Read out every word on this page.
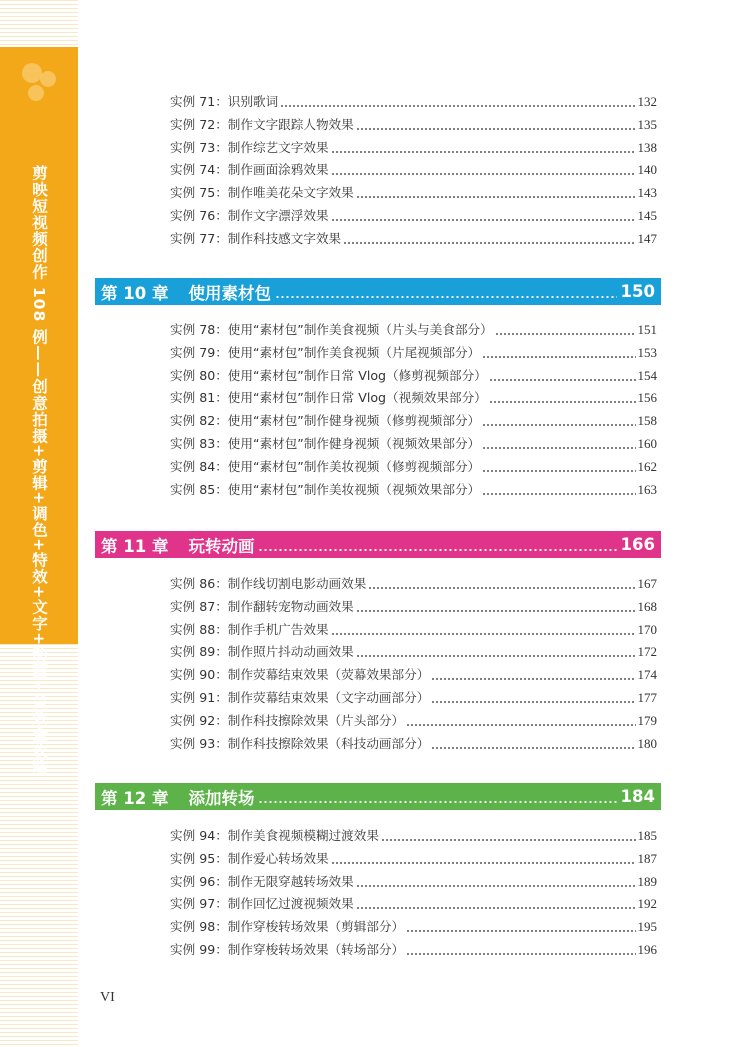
剪映短视频创作 108 例——创意拍摄+剪辑+调色+特效+文字+动画+音效全攻略
实例 71：识别歌词	132
实例 72：制作文字跟踪人物效果	135
实例 73：制作综艺文字效果	138
实例 74：制作画面涂鸦效果	140
实例 75：制作唯美花朵文字效果	143
实例 76：制作文字漂浮效果	145
实例 77：制作科技感文字效果	147
第 10 章 使用素材包	150
实例 78：使用“素材包”制作美食视频（片头与美食部分）	151
实例 79：使用“素材包”制作美食视频（片尾视频部分）	153
实例 80：使用“素材包”制作日常 Vlog（修剪视频部分）	154
实例 81：使用“素材包”制作日常 Vlog（视频效果部分）	156
实例 82：使用“素材包”制作健身视频（修剪视频部分）	158
实例 83：使用“素材包”制作健身视频（视频效果部分）	160
实例 84：使用“素材包”制作美妆视频（修剪视频部分）	162
实例 85：使用“素材包”制作美妆视频（视频效果部分）	163
第 11 章 玩转动画	166
实例 86：制作线切割电影动画效果	167
实例 87：制作翻转宠物动画效果	168
实例 88：制作手机广告效果	170
实例 89：制作照片抖动动画效果	172
实例 90：制作荧幕结束效果（荧幕效果部分）	174
实例 91：制作荧幕结束效果（文字动画部分）	177
实例 92：制作科技擦除效果（片头部分）	179
实例 93：制作科技擦除效果（科技动画部分）	180
第 12 章 添加转场	184
实例 94：制作美食视频模糊过渡效果	185
实例 95：制作爱心转场效果	187
实例 96：制作无限穿越转场效果	189
实例 97：制作回忆过渡视频效果	192
实例 98：制作穿梭转场效果（剪辑部分）	195
实例 99：制作穿梭转场效果（转场部分）	196
VI
